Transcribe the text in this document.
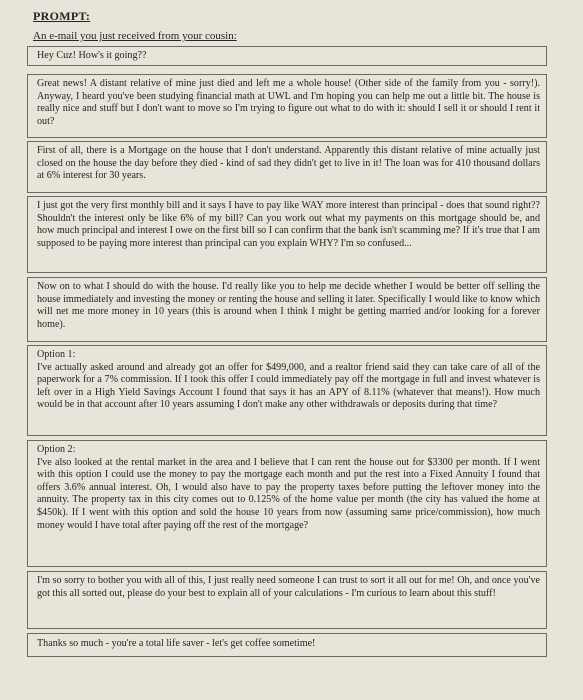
PROMPT:
An e-mail you just received from your cousin:

Hey Cuz! How's it going??

Great news! A distant relative of mine just died and left me a whole house! (Other side of the family from you - sorry!). Anyway, I heard you've been studying financial math at UWL and I'm hoping you can help me out a little bit. The house is really nice and stuff but I don't want to move so I'm trying to figure out what to do with it: should I sell it or should I rent it out?

First of all, there is a Mortgage on the house that I don't understand. Apparently this distant relative of mine actually just closed on the house the day before they died - kind of sad they didn't get to live in it! The loan was for 410 thousand dollars at 6% interest for 30 years.

I just got the very first monthly bill and it says I have to pay like WAY more interest than principal - does that sound right?? Shouldn't the interest only be like 6% of my bill? Can you work out what my payments on this mortgage should be, and how much principal and interest I owe on the first bill so I can confirm that the bank isn't scamming me? If it's true that I am supposed to be paying more interest than principal can you explain WHY? I'm so confused...

Now on to what I should do with the house. I'd really like you to help me decide whether I would be better off selling the house immediately and investing the money or renting the house and selling it later. Specifically I would like to know which will net me more money in 10 years (this is around when I think I might be getting married and/or looking for a forever home).

Option 1:

I've actually asked around and already got an offer for $499,000, and a realtor friend said they can take care of all of the paperwork for a 7% commission. If I took this offer I could immediately pay off the mortgage in full and invest whatever is left over in a High Yield Savings Account I found that says it has an APY of 8.11% (whatever that means!). How much would be in that account after 10 years assuming I don't make any other withdrawals or deposits during that time?

Option 2:

I've also looked at the rental market in the area and I believe that I can rent the house out for $3300 per month. If I went with this option I could use the money to pay the mortgage each month and put the rest into a Fixed Annuity I found that offers 3.6% annual interest. Oh, I would also have to pay the property taxes before putting the leftover money into the annuity. The property tax in this city comes out to 0.125% of the home value per month (the city has valued the home at $450k). If I went with this option and sold the house 10 years from now (assuming same price/commission), how much money would I have total after paying off the rest of the mortgage?

I'm so sorry to bother you with all of this, I just really need someone I can trust to sort it all out for me! Oh, and once you've got this all sorted out, please do your best to explain all of your calculations - I'm curious to learn about this stuff!

Thanks so much - you're a total life saver - let's get coffee sometime!
